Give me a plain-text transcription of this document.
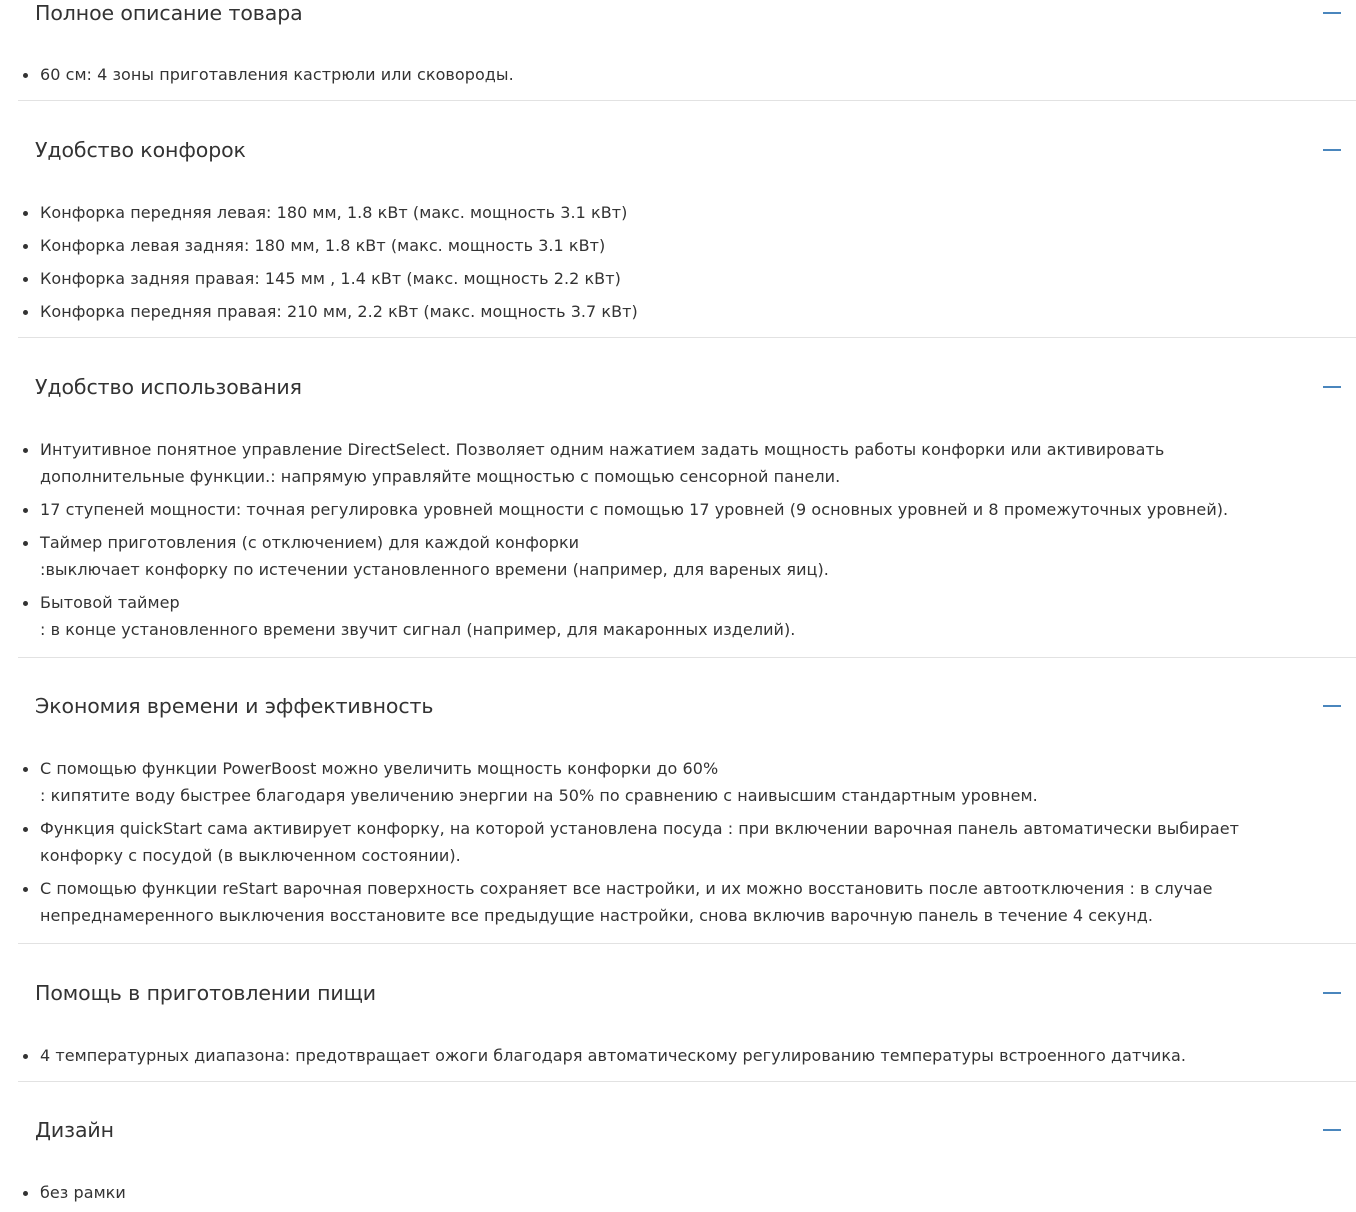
Полное описание товара
60 см: 4 зоны приготавления кастрюли или сковороды.
Удобство конфорок
Конфорка передняя левая: 180 мм, 1.8 кВт (макс. мощность 3.1 кВт)
Конфорка левая задняя: 180 мм, 1.8 кВт (макс. мощность 3.1 кВт)
Конфорка задняя правая: 145 мм , 1.4 кВт (макс. мощность 2.2 кВт)
Конфорка передняя правая: 210 мм, 2.2 кВт (макс. мощность 3.7 кВт)
Удобство использования
Интуитивное понятное управление DirectSelect. Позволяет одним нажатием задать мощность работы конфорки или активировать
дополнительные функции.: напрямую управляйте мощностью с помощью сенсорной панели.
17 ступеней мощности: точная регулировка уровней мощности с помощью 17 уровней (9 основных уровней и 8 промежуточных уровней).
Таймер приготовления (с отключением) для каждой конфорки
:выключает конфорку по истечении установленного времени (например, для вареных яиц).
Бытовой таймер
: в конце установленного времени звучит сигнал (например, для макаронных изделий).
Экономия времени и эффективность
С помощью функции PowerBoost можно увеличить мощность конфорки до 60%
: кипятите воду быстрее благодаря увеличению энергии на 50% по сравнению с наивысшим стандартным уровнем.
Функция quickStart сама активирует конфорку, на которой установлена посуда : при включении варочная панель автоматически выбирает
конфорку с посудой (в выключенном состоянии).
С помощью функции reStart варочная поверхность сохраняет все настройки, и их можно восстановить после автоотключения : в случае
непреднамеренного выключения восстановите все предыдущие настройки, снова включив варочную панель в течение 4 секунд.
Помощь в приготовлении пищи
4 температурных диапазона: предотвращает ожоги благодаря автоматическому регулированию температуры встроенного датчика.
Дизайн
без рамки
